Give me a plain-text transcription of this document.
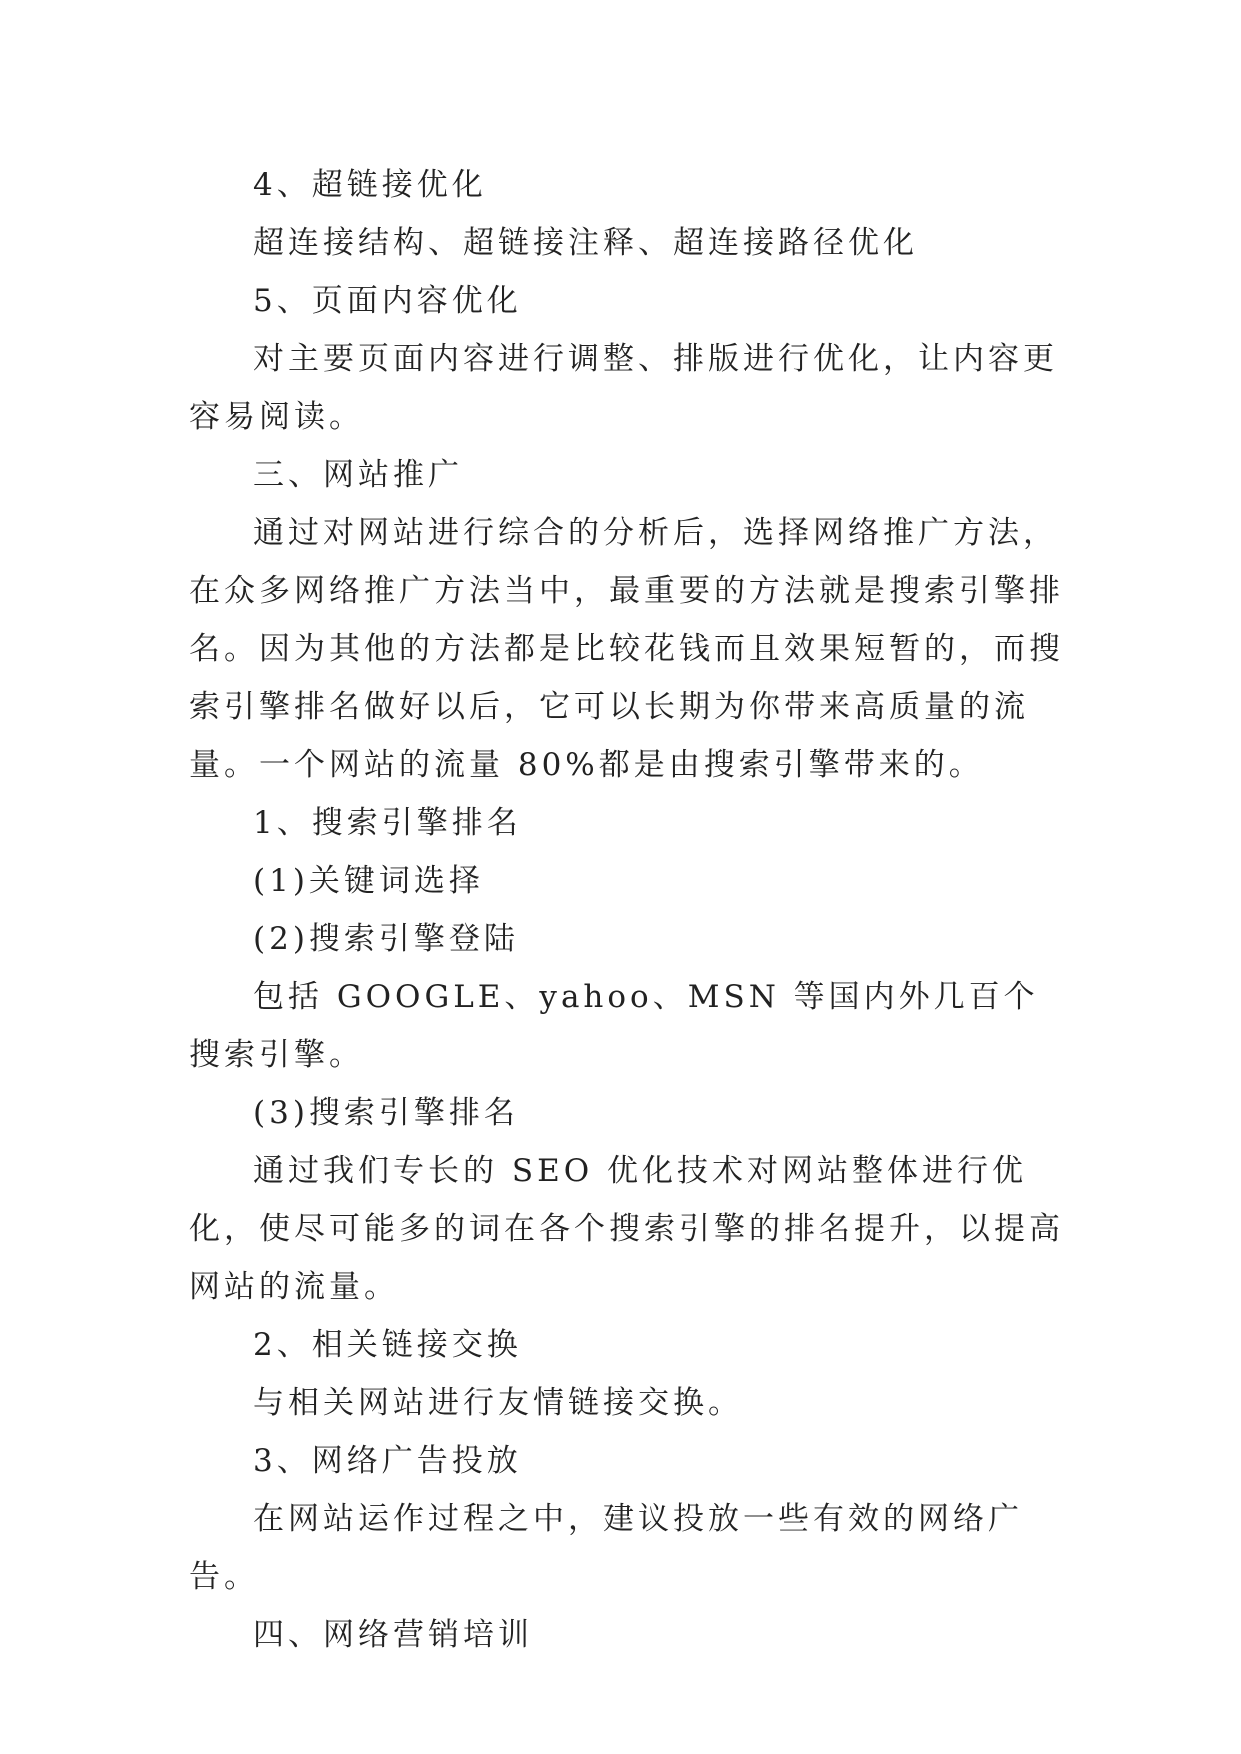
4、超链接优化

超连接结构、超链接注释、超连接路径优化

5、页面内容优化

对主要页面内容进行调整、排版进行优化，让内容更容易阅读。

三、网站推广

通过对网站进行综合的分析后，选择网络推广方法，在众多网络推广方法当中，最重要的方法就是搜索引擎排名。因为其他的方法都是比较花钱而且效果短暂的，而搜索引擎排名做好以后，它可以长期为你带来高质量的流量。一个网站的流量 80%都是由搜索引擎带来的。

1、搜索引擎排名

(1)关键词选择

(2)搜索引擎登陆

包括 GOOGLE、yahoo、MSN 等国内外几百个搜索引擎。

(3)搜索引擎排名

通过我们专长的 SEO 优化技术对网站整体进行优化，使尽可能多的词在各个搜索引擎的排名提升，以提高网站的流量。

2、相关链接交换

与相关网站进行友情链接交换。

3、网络广告投放

在网站运作过程之中，建议投放一些有效的网络广告。

四、网络营销培训
